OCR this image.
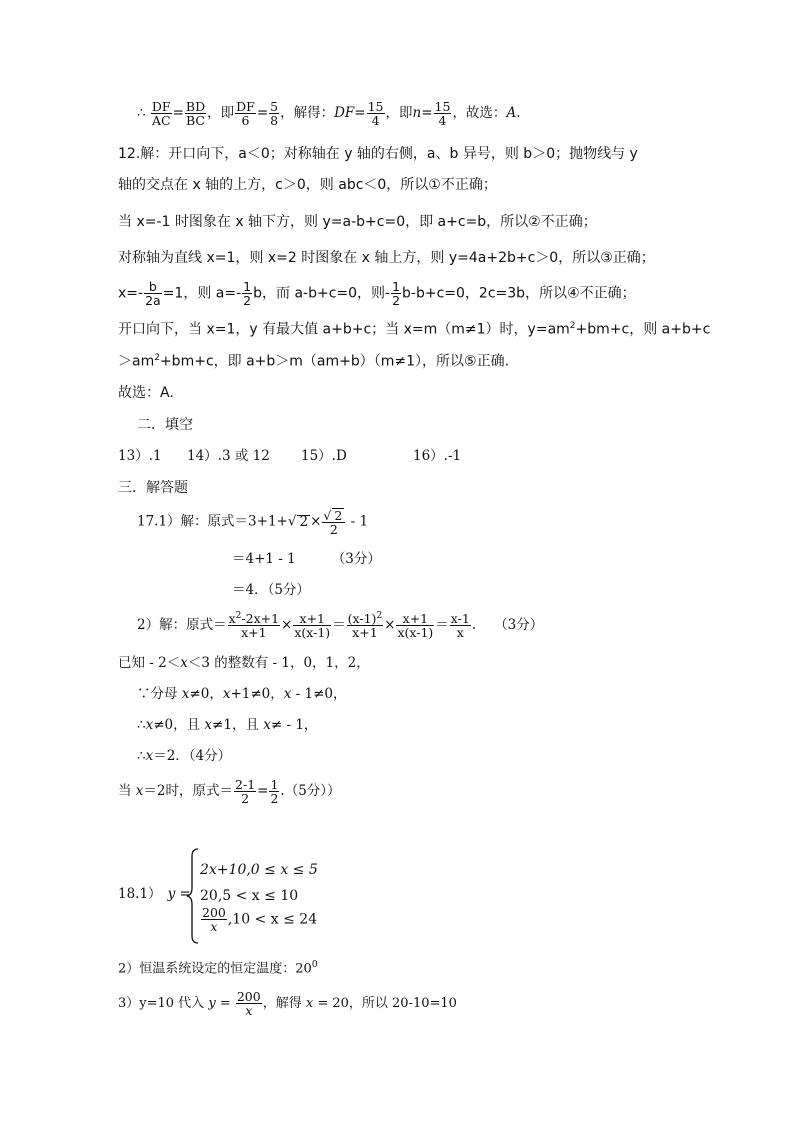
∴ $\frac{DF}{AC} = \frac{BD}{BC}$ ，即 $\frac{DF}{6} = \frac{5}{8}$ ，解得：$DF= \frac{15}{4}$ ，即$n= \frac{15}{4}$ ，故选：A.
12.解：开口向下，a＜0；对称轴在 y 轴的右侧，a、b 异号，则 b＞0；抛物线与 y
轴的交点在 x 轴的上方，c＞0，则 abc＜0，所以①不正确；
当 x=-1 时图象在 x 轴下方，则 y=a-b+c=0，即 a+c=b，所以②不正确；
对称轴为直线 x=1，则 x=2 时图象在 x 轴上方，则 y=4a+2b+c＞0，所以③正确；
$x=- \frac{b}{2a} =1$，则 $a=- \frac{1}{2}$ b，而 a-b+c=0，则- $\frac{1}{2} b-b+c=0$，2c=3b，所以④不正确；
开口向下，当 x=1，y 有最大值 a+b+c；当 x=m（m≠1）时，$y=am^2+bm+c$，则 a+b+c
$>am^2+bm+c$，即 a+b＞m（am+b）（m≠1），所以⑤正确.
故选：A.
二．填空
13）.1 14）.3 或 12 15）.D	16）.-1
三．解答题
17.1）解：原式＝3+1+√ $2 \times \frac{√ 2}{2} - 1$
＝4+1 - 1	（3分）
＝4．（5分）
2）解：原式＝ $\frac{x^2-2x+1}{x+1} \times \frac{x+1}{x(x-1)} = \frac{(x-1)^2}{x+1} \times \frac{x+1}{x(x-1)} = \frac{x-1}{x}$ . （3分）
已知 - 2＜x＜3 的整数有 - 1，0，1，2，
∵分母 x≠0，x+1≠0，x - 1≠0，
∴x≠0，且 x≠1，且 x≠ - 1，
∴x＝2．（4分）
当 x＝2时，原式＝ $\frac{2-1}{2} = \frac{1}{2} .(5$分））
18.1） y =
2x+10,0 ≤ x ≤ 5
20,5 < x ≤ 10
$\frac{200}{x} ,10 < x \le 24$
2）恒温系统设定的恒定温度：$20^0$
3）y=10 代入 $y = \frac{200}{x}$ ，解得 x = 20，所以 20-10=10
